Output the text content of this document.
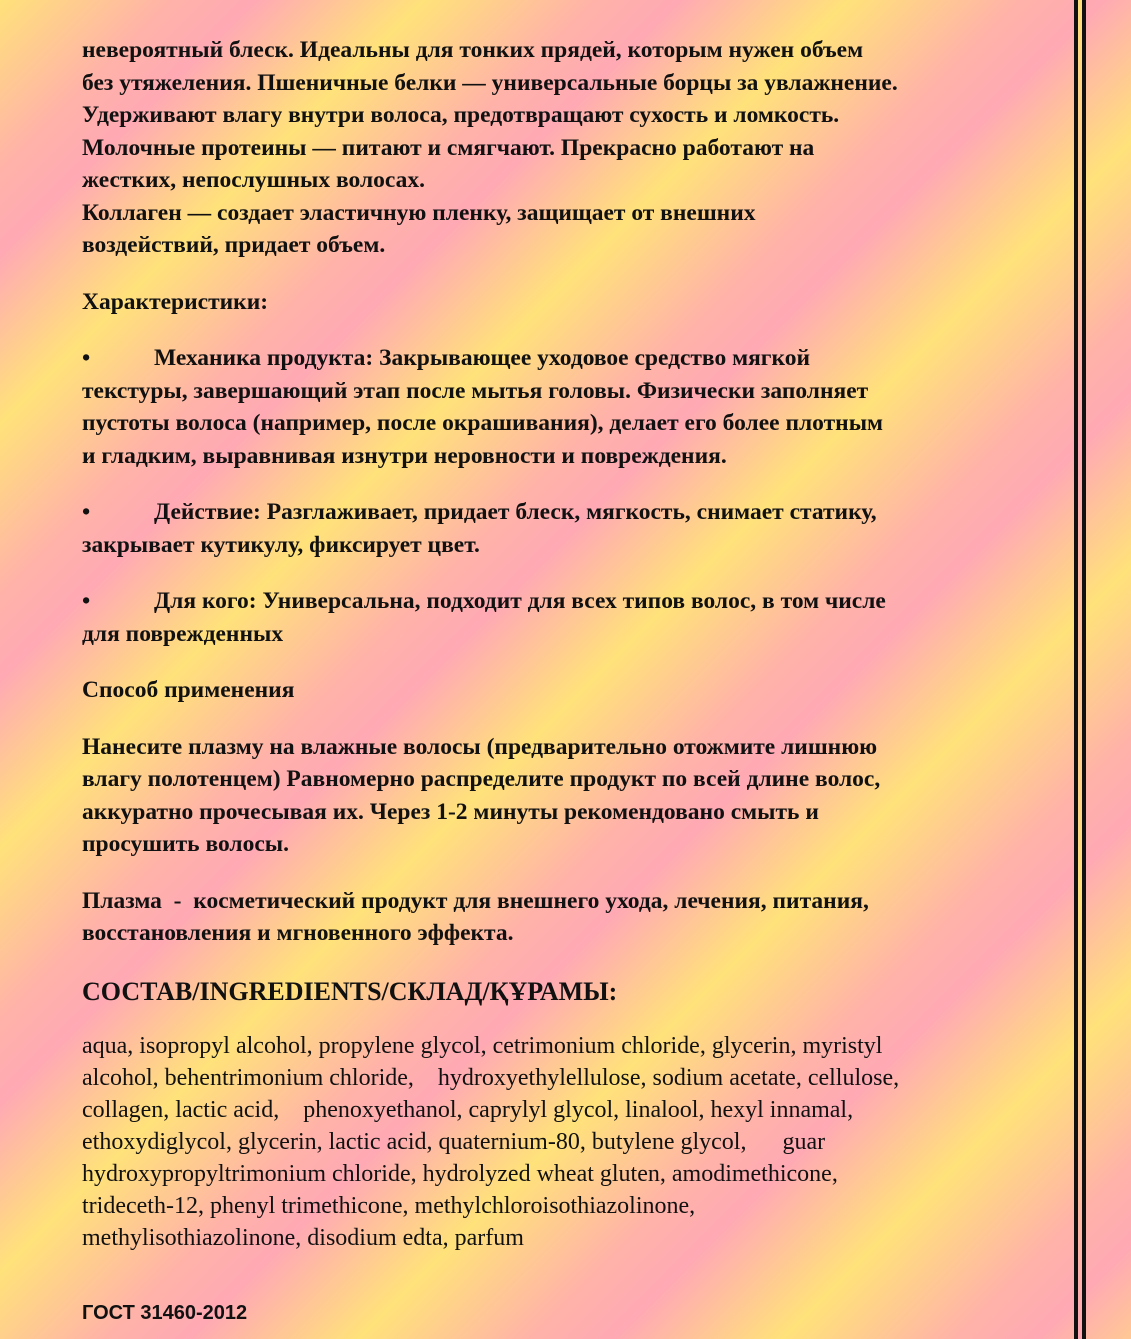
невероятный блеск. Идеальны для тонких прядей, которым нужен объем
без утяжеления. Пшеничные белки — универсальные борцы за увлажнение.
Удерживают влагу внутри волоса, предотвращают сухость и ломкость.
Молочные протеины — питают и смягчают. Прекрасно работают на
жестких, непослушных волосах.
Коллаген — создает эластичную пленку, защищает от внешних
воздействий, придает объем.
Характеристики:
•	Механика продукта: Закрывающее уходовое средство мягкой
текстуры, завершающий этап после мытья головы. Физически заполняет
пустоты волоса (например, после окрашивания), делает его более плотным
и гладким, выравнивая изнутри неровности и повреждения.
•	Действие: Разглаживает, придает блеск, мягкость, снимает статику,
закрывает кутикулу, фиксирует цвет.
•	Для кого: Универсальна, подходит для всех типов волос, в том числе
для поврежденных
Способ применения
Нанесите плазму на влажные волосы (предварительно отожмите лишнюю
влагу полотенцем) Равномерно распределите продукт по всей длине волос,
аккуратно прочесывая их. Через 1-2 минуты рекомендовано смыть и
просушить волосы.
Плазма  -  косметический продукт для внешнего ухода, лечения, питания,
восстановления и мгновенного эффекта.
СОСТАВ/INGREDIENTS/СКЛАД/ҚҰРАМЫ:
aqua, isopropyl alcohol, propylene glycol, cetrimonium chloride, glycerin, myristyl
alcohol, behentrimonium chloride,    hydroxyethylellulose, sodium acetate, cellulose,
collagen, lactic acid,    phenoxyethanol, caprylyl glycol, linalool, hexyl innamal,
ethoxydiglycol, glycerin, lactic acid, quaternium-80, butylene glycol,      guar
hydroxypropyltrimonium chloride, hydrolyzed wheat gluten, amodimethicone,
trideceth-12, phenyl trimethicone, methylchloroisothiazolinone,
methylisothiazolinone, disodium edta, parfum
ГОСТ 31460-2012
